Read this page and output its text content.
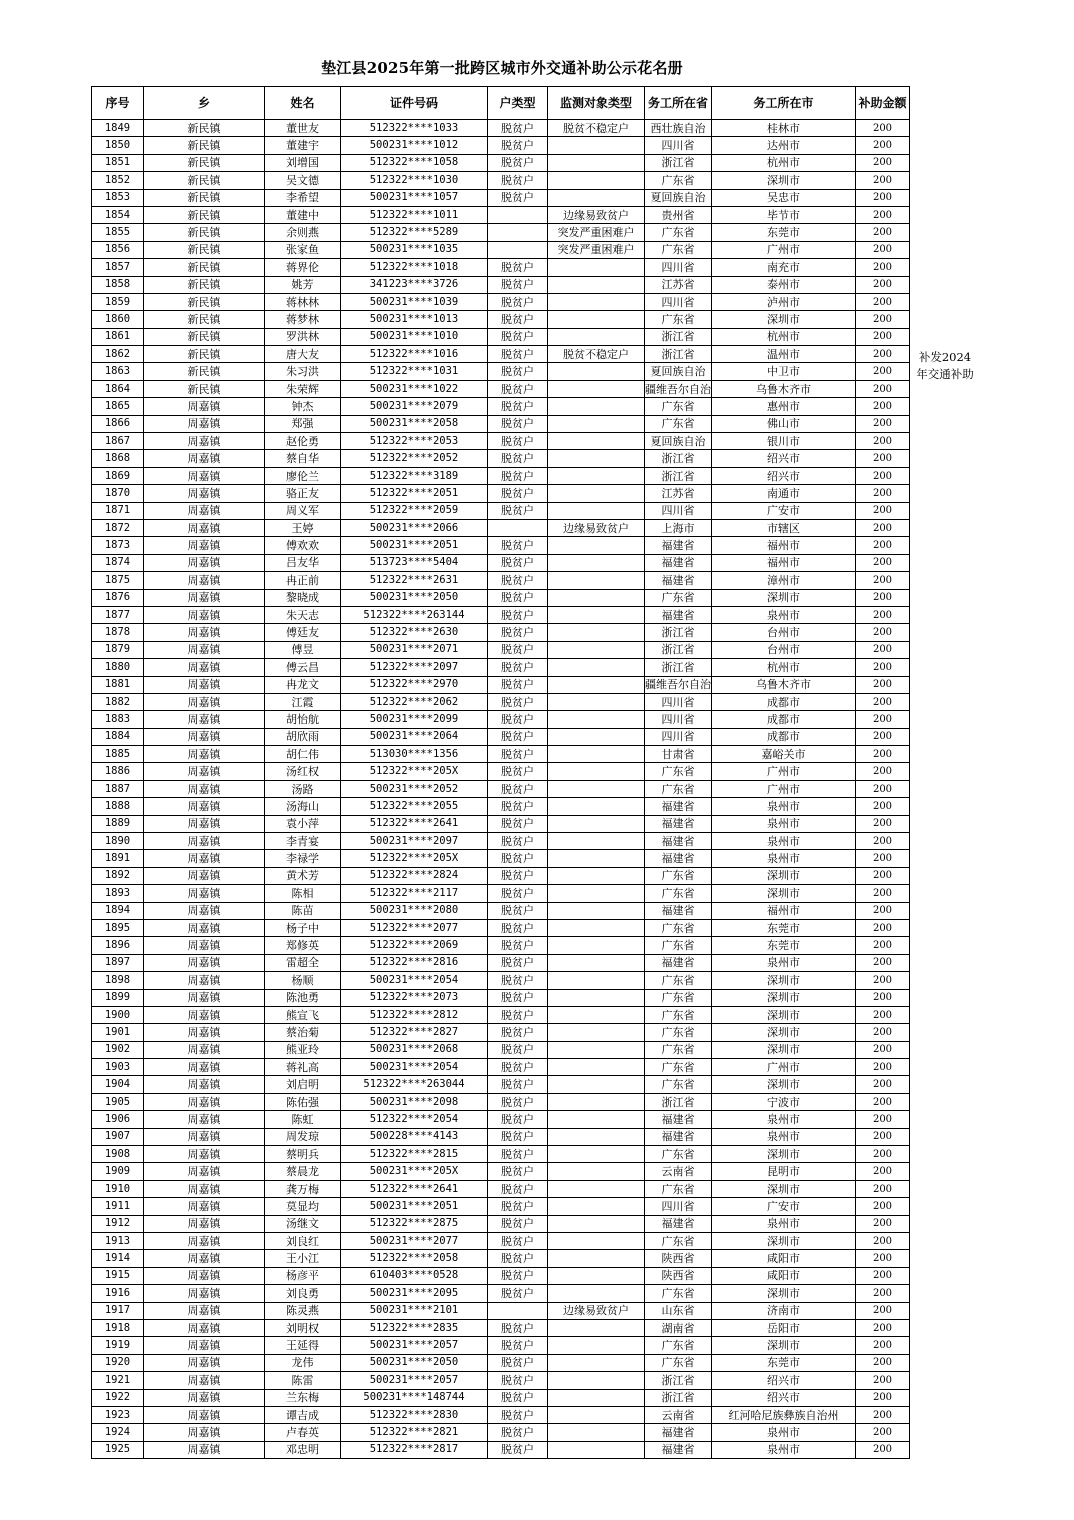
垫江县2025年第一批跨区城市外交通补助公示花名册
序号	乡	姓名	证件号码	户类型	监测对象类型	务工所在省	务工所在市	补助金额
1849	新民镇	董世友	512322****1033	脱贫户	脱贫不稳定户	西壮族自治	桂林市	200
1850	新民镇	董建宇	500231****1012	脱贫户		四川省	达州市	200
1851	新民镇	刘增国	512322****1058	脱贫户		浙江省	杭州市	200
1852	新民镇	吴文德	512322****1030	脱贫户		广东省	深圳市	200
1853	新民镇	李希望	500231****1057	脱贫户		夏回族自治	吴忠市	200
1854	新民镇	董建中	512322****1011		边缘易致贫户	贵州省	毕节市	200
1855	新民镇	余则燕	512322****5289		突发严重困难户	广东省	东莞市	200
1856	新民镇	张家鱼	500231****1035		突发严重困难户	广东省	广州市	200
1857	新民镇	蒋界伦	512322****1018	脱贫户		四川省	南充市	200
1858	新民镇	姚芳	341223****3726	脱贫户		江苏省	泰州市	200
1859	新民镇	蒋林林	500231****1039	脱贫户		四川省	泸州市	200
1860	新民镇	蒋梦林	500231****1013	脱贫户		广东省	深圳市	200
1861	新民镇	罗洪林	500231****1010	脱贫户		浙江省	杭州市	200
1862	新民镇	唐大友	512322****1016	脱贫户	脱贫不稳定户	浙江省	温州市	200
1863	新民镇	朱习洪	512322****1031	脱贫户		夏回族自治	中卫市	200
1864	新民镇	朱荣辉	500231****1022	脱贫户		疆维吾尔自治	乌鲁木齐市	200
1865	周嘉镇	钟杰	500231****2079	脱贫户		广东省	惠州市	200
1866	周嘉镇	郑强	500231****2058	脱贫户		广东省	佛山市	200
1867	周嘉镇	赵伦勇	512322****2053	脱贫户		夏回族自治	银川市	200
1868	周嘉镇	蔡自华	512322****2052	脱贫户		浙江省	绍兴市	200
1869	周嘉镇	廖伦兰	512322****3189	脱贫户		浙江省	绍兴市	200
1870	周嘉镇	骆正友	512322****2051	脱贫户		江苏省	南通市	200
1871	周嘉镇	周义军	512322****2059	脱贫户		四川省	广安市	200
1872	周嘉镇	王婷	500231****2066		边缘易致贫户	上海市	市辖区	200
1873	周嘉镇	傅欢欢	500231****2051	脱贫户		福建省	福州市	200
1874	周嘉镇	吕友华	513723****5404	脱贫户		福建省	福州市	200
1875	周嘉镇	冉正前	512322****2631	脱贫户		福建省	漳州市	200
1876	周嘉镇	黎晓成	500231****2050	脱贫户		广东省	深圳市	200
1877	周嘉镇	朱天志	512322****263144	脱贫户		福建省	泉州市	200
1878	周嘉镇	傅廷友	512322****2630	脱贫户		浙江省	台州市	200
1879	周嘉镇	傅昱	500231****2071	脱贫户		浙江省	台州市	200
1880	周嘉镇	傅云昌	512322****2097	脱贫户		浙江省	杭州市	200
1881	周嘉镇	冉龙文	512322****2970	脱贫户		疆维吾尔自治	乌鲁木齐市	200
1882	周嘉镇	江霞	512322****2062	脱贫户		四川省	成都市	200
1883	周嘉镇	胡怡航	500231****2099	脱贫户		四川省	成都市	200
1884	周嘉镇	胡欣雨	500231****2064	脱贫户		四川省	成都市	200
1885	周嘉镇	胡仁伟	513030****1356	脱贫户		甘肃省	嘉峪关市	200
1886	周嘉镇	汤红权	512322****205X	脱贫户		广东省	广州市	200
1887	周嘉镇	汤路	500231****2052	脱贫户		广东省	广州市	200
1888	周嘉镇	汤海山	512322****2055	脱贫户		福建省	泉州市	200
1889	周嘉镇	袁小萍	512322****2641	脱贫户		福建省	泉州市	200
1890	周嘉镇	李青宴	500231****2097	脱贫户		福建省	泉州市	200
1891	周嘉镇	李禄学	512322****205X	脱贫户		福建省	泉州市	200
1892	周嘉镇	黄术芳	512322****2824	脱贫户		广东省	深圳市	200
1893	周嘉镇	陈相	512322****2117	脱贫户		广东省	深圳市	200
1894	周嘉镇	陈苗	500231****2080	脱贫户		福建省	福州市	200
1895	周嘉镇	杨子中	512322****2077	脱贫户		广东省	东莞市	200
1896	周嘉镇	郑修英	512322****2069	脱贫户		广东省	东莞市	200
1897	周嘉镇	雷超全	512322****2816	脱贫户		福建省	泉州市	200
1898	周嘉镇	杨顺	500231****2054	脱贫户		广东省	深圳市	200
1899	周嘉镇	陈池勇	512322****2073	脱贫户		广东省	深圳市	200
1900	周嘉镇	熊宣飞	512322****2812	脱贫户		广东省	深圳市	200
1901	周嘉镇	蔡治菊	512322****2827	脱贫户		广东省	深圳市	200
1902	周嘉镇	熊亚玲	500231****2068	脱贫户		广东省	深圳市	200
1903	周嘉镇	蒋礼高	500231****2054	脱贫户		广东省	广州市	200
1904	周嘉镇	刘启明	512322****263044	脱贫户		广东省	深圳市	200
1905	周嘉镇	陈佑强	500231****2098	脱贫户		浙江省	宁波市	200
1906	周嘉镇	陈虹	512322****2054	脱贫户		福建省	泉州市	200
1907	周嘉镇	周发琼	500228****4143	脱贫户		福建省	泉州市	200
1908	周嘉镇	蔡明兵	512322****2815	脱贫户		广东省	深圳市	200
1909	周嘉镇	蔡晨龙	500231****205X	脱贫户		云南省	昆明市	200
1910	周嘉镇	龚万梅	512322****2641	脱贫户		广东省	深圳市	200
1911	周嘉镇	莫显均	500231****2051	脱贫户		四川省	广安市	200
1912	周嘉镇	汤继文	512322****2875	脱贫户		福建省	泉州市	200
1913	周嘉镇	刘良红	500231****2077	脱贫户		广东省	深圳市	200
1914	周嘉镇	王小江	512322****2058	脱贫户		陕西省	咸阳市	200
1915	周嘉镇	杨彦平	610403****0528	脱贫户		陕西省	咸阳市	200
1916	周嘉镇	刘良勇	500231****2095	脱贫户		广东省	深圳市	200
1917	周嘉镇	陈灵燕	500231****2101		边缘易致贫户	山东省	济南市	200
1918	周嘉镇	刘明权	512322****2835	脱贫户		湖南省	岳阳市	200
1919	周嘉镇	王延得	500231****2057	脱贫户		广东省	深圳市	200
1920	周嘉镇	龙伟	500231****2050	脱贫户		广东省	东莞市	200
1921	周嘉镇	陈雷	500231****2057	脱贫户		浙江省	绍兴市	200
1922	周嘉镇	兰东梅	500231****148744	脱贫户		浙江省	绍兴市	200
1923	周嘉镇	谭吉成	512322****2830	脱贫户		云南省	红河哈尼族彝族自治州	200
1924	周嘉镇	卢春英	512322****2821	脱贫户		福建省	泉州市	200
1925	周嘉镇	邓忠明	512322****2817	脱贫户		福建省	泉州市	200
补发2024年交通补助
